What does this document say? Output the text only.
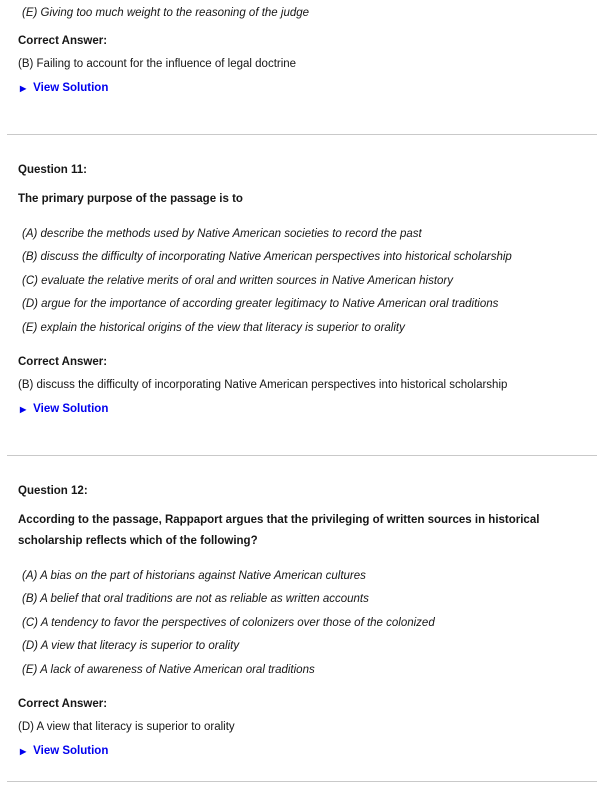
(E) Giving too much weight to the reasoning of the judge

Correct Answer:

(B) Failing to account for the influence of legal doctrine

▶ View Solution

Question 11:

The primary purpose of the passage is to

(A) describe the methods used by Native American societies to record the past

(B) discuss the difficulty of incorporating Native American perspectives into historical scholarship

(C) evaluate the relative merits of oral and written sources in Native American history

(D) argue for the importance of according greater legitimacy to Native American oral traditions

(E) explain the historical origins of the view that literacy is superior to orality

Correct Answer:

(B) discuss the difficulty of incorporating Native American perspectives into historical scholarship

▶ View Solution

Question 12:

According to the passage, Rappaport argues that the privileging of written sources in historical scholarship reflects which of the following?

(A) A bias on the part of historians against Native American cultures

(B) A belief that oral traditions are not as reliable as written accounts

(C) A tendency to favor the perspectives of colonizers over those of the colonized

(D) A view that literacy is superior to orality

(E) A lack of awareness of Native American oral traditions

Correct Answer:

(D) A view that literacy is superior to orality

▶ View Solution
